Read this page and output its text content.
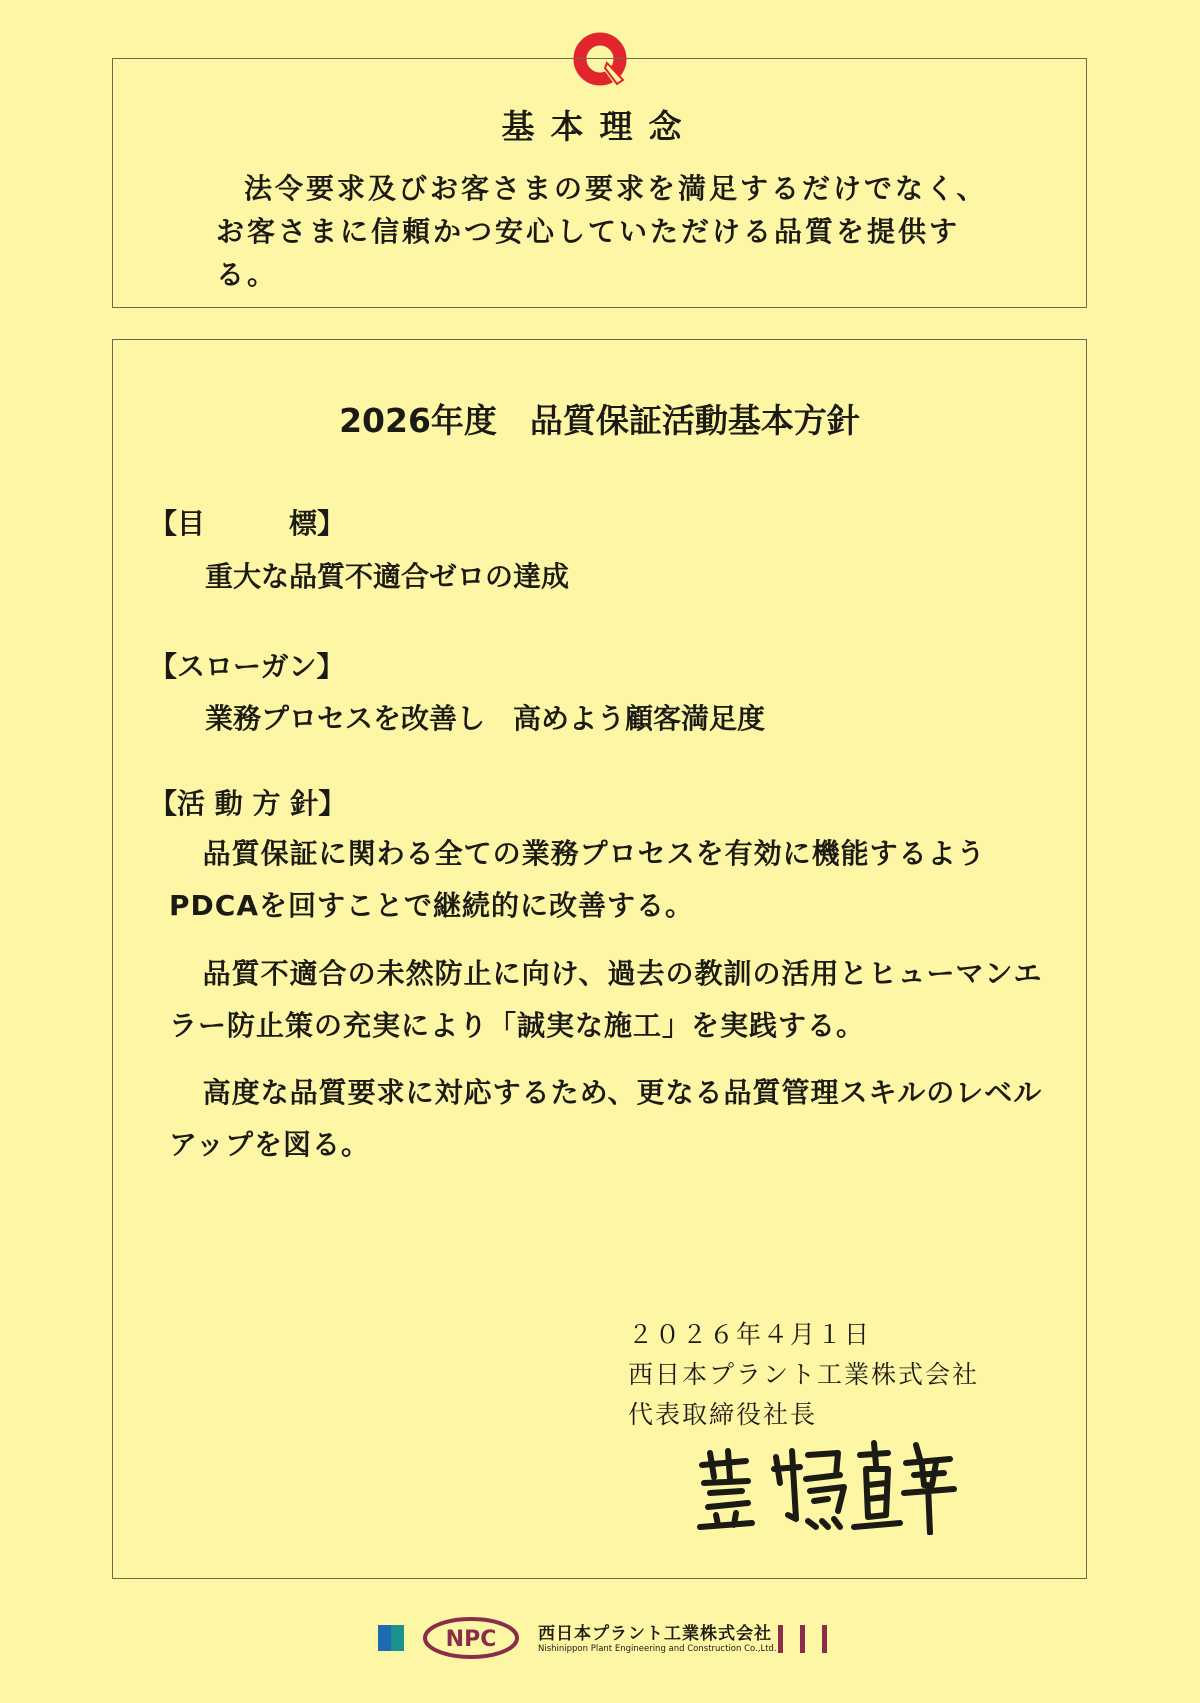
基本理念

法令要求及びお客さまの要求を満足するだけでなく、お客さまに信頼かつ安心していただける品質を提供する。

2026年度　品質保証活動基本方針

【目　　　標】

重大な品質不適合ゼロの達成

【スローガン】

業務プロセスを改善し　高めよう顧客満足度

【活 動 方 針】

品質保証に関わる全ての業務プロセスを有効に機能するようPDCAを回すことで継続的に改善する。

品質不適合の未然防止に向け、過去の教訓の活用とヒューマンエラー防止策の充実により「誠実な施工」を実践する。

高度な品質要求に対応するため、更なる品質管理スキルのレベルアップを図る。

２０２６年４月１日
西日本プラント工業株式会社
代表取締役社長
NPC 西日本プラント工業株式会社
Nishinippon Plant Engineering and Construction Co.,Ltd.
